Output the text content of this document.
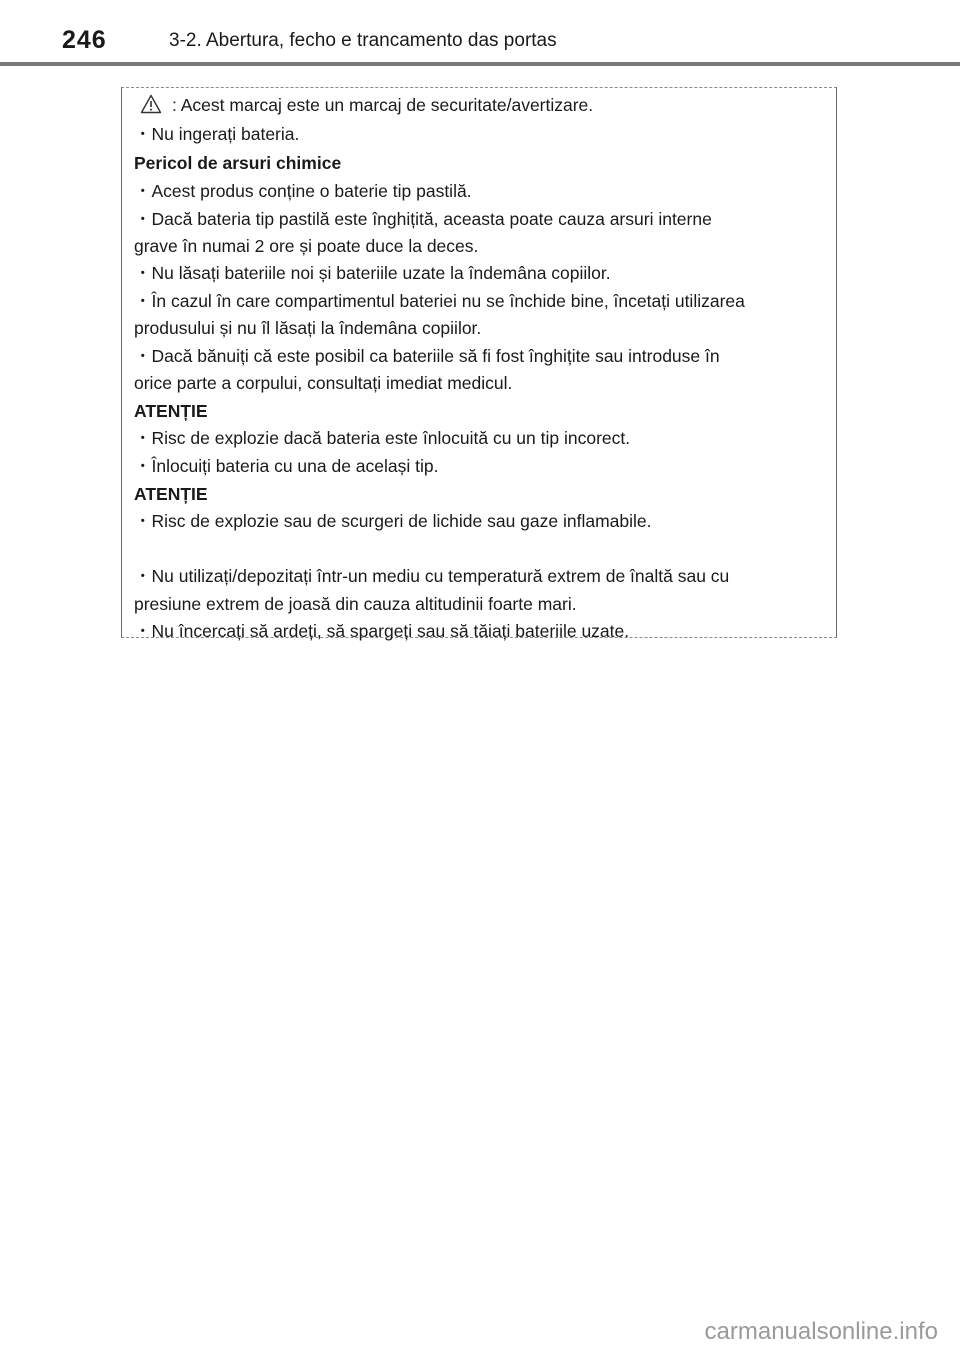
246	3-2. Abertura, fecho e trancamento das portas
: Acest marcaj este un marcaj de securitate/avertizare.
・Nu ingerați bateria.
Pericol de arsuri chimice
・Acest produs conține o baterie tip pastilă.
・Dacă bateria tip pastilă este înghițită, aceasta poate cauza arsuri interne
grave în numai 2 ore și poate duce la deces.
・Nu lăsați bateriile noi și bateriile uzate la îndemâna copiilor.
・În cazul în care compartimentul bateriei nu se închide bine, încetați utilizarea
produsului și nu îl lăsați la îndemâna copiilor.
・Dacă bănuiți că este posibil ca bateriile să fi fost înghițite sau introduse în
orice parte a corpului, consultați imediat medicul.
ATENȚIE
・Risc de explozie dacă bateria este înlocuită cu un tip incorect.
・Înlocuiți bateria cu una de același tip.
ATENȚIE
・Risc de explozie sau de scurgeri de lichide sau gaze inflamabile.
・Nu utilizați/depozitați într-un mediu cu temperatură extrem de înaltă sau cu
presiune extrem de joasă din cauza altitudinii foarte mari.
・Nu încercați să ardeți, să spargeți sau să tăiați bateriile uzate.
carmanualsonline.info
